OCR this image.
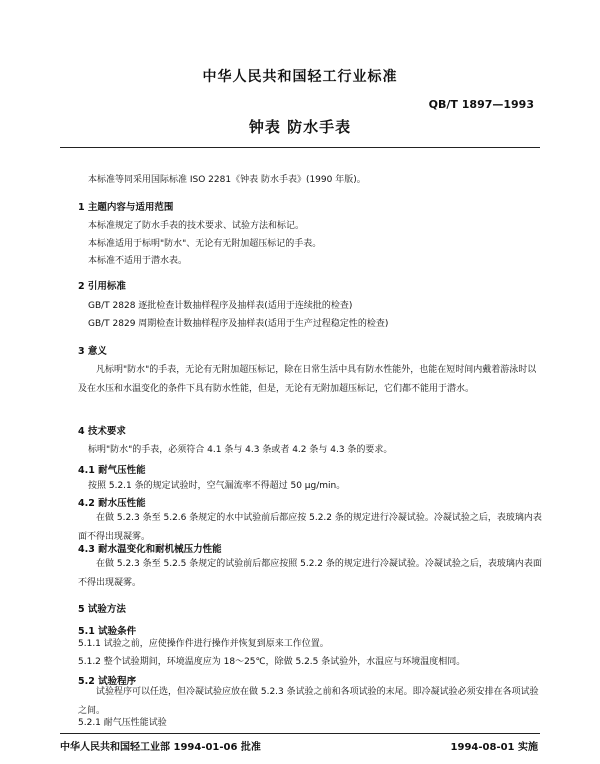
中华人民共和国轻工行业标准
QB/T 1897—1993
钟表 防水手表
本标准等同采用国际标准 ISO 2281《钟表 防水手表》(1990 年版)。
1 主题内容与适用范围
本标准规定了防水手表的技术要求、试验方法和标记。
本标准适用于标明"防水"、无论有无附加超压标记的手表。
本标准不适用于潜水表。
2 引用标准
GB/T 2828 逐批检查计数抽样程序及抽样表(适用于连续批的检查)
GB/T 2829 周期检查计数抽样程序及抽样表(适用于生产过程稳定性的检查)
3 意义
凡标明"防水"的手表，无论有无附加超压标记，除在日常生活中具有防水性能外，也能在短时间内戴着游泳时以及在水压和水温变化的条件下具有防水性能，但是，无论有无附加超压标记，它们都不能用于潜水。
4 技术要求
标明"防水"的手表，必须符合 4.1 条与 4.3 条或者 4.2 条与 4.3 条的要求。
4.1 耐气压性能
按照 5.2.1 条的规定试验时，空气漏流率不得超过 50 μg/min。
4.2 耐水压性能
在做 5.2.3 条至 5.2.6 条规定的水中试验前后都应按 5.2.2 条的规定进行冷凝试验。冷凝试验之后，表玻璃内表面不得出现凝雾。
4.3 耐水温变化和耐机械压力性能
在做 5.2.3 条至 5.2.5 条规定的试验前后都应按照 5.2.2 条的规定进行冷凝试验。冷凝试验之后，表玻璃内表面不得出现凝雾。
5 试验方法
5.1 试验条件
5.1.1 试验之前，应使操作件进行操作并恢复到原来工作位置。
5.1.2 整个试验期间，环境温度应为 18～25℃，除做 5.2.5 条试验外，水温应与环境温度相同。
5.2 试验程序
试验程序可以任选，但冷凝试验应放在做 5.2.3 条试验之前和各项试验的末尾。即冷凝试验必须安排在各项试验之间。
5.2.1 耐气压性能试验
中华人民共和国轻工业部 1994-01-06 批准	1994-08-01 实施
